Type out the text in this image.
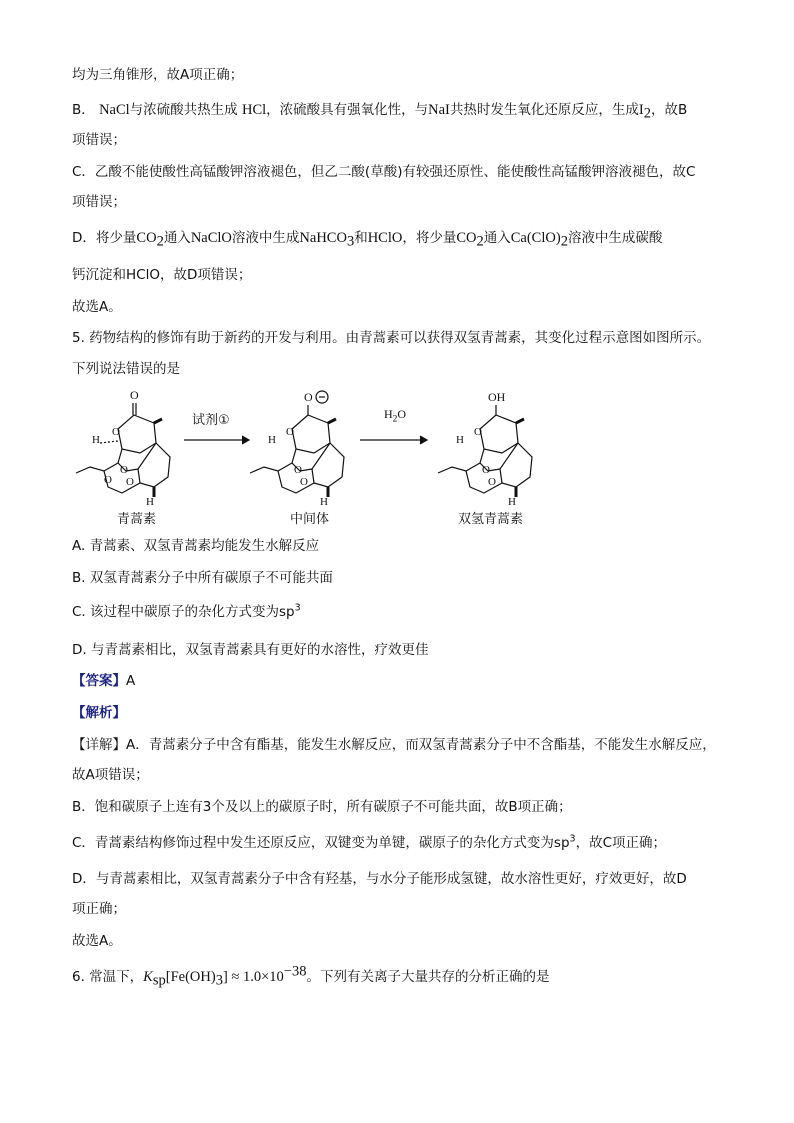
均为三角锥形，故A项正确；
B． NaCl与浓硫酸共热生成 HCl，浓硫酸具有强氧化性，与NaI共热时发生氧化还原反应，生成$I_2$，故B
项错误；
C．乙酸不能使酸性高锰酸钾溶液褪色，但乙二酸(草酸)有较强还原性、能使酸性高锰酸钾溶液褪色，故C
项错误；
D．将少量$CO_2$通入NaClO溶液中生成NaHCO$_3$和HClO，将少量$CO_2$通入$Ca(ClO)_2$溶液中生成碳酸
钙沉淀和HClO，故D项错误；
故选A。
5. 药物结构的修饰有助于新药的开发与利用。由青蒿素可以获得双氢青蒿素，其变化过程示意图如图所示。
下列说法错误的是
O
O
H
O
O O
H
O
O
H
O
O
H
OH
O
H
O
O
H
试剂①	$H_2O$
青蒿素	中间体	双氢青蒿素
A. 青蒿素、双氢青蒿素均能发生水解反应
B. 双氢青蒿素分子中所有碳原子不可能共面
C. 该过程中碳原子的杂化方式变为$sp^3$
D. 与青蒿素相比，双氢青蒿素具有更好的水溶性，疗效更佳
【答案】A
【解析】
【详解】A．青蒿素分子中含有酯基，能发生水解反应，而双氢青蒿素分子中不含酯基，不能发生水解反应，
故A项错误；
B．饱和碳原子上连有3个及以上的碳原子时，所有碳原子不可能共面，故B项正确；
C．青蒿素结构修饰过程中发生还原反应，双键变为单键，碳原子的杂化方式变为$sp^3$，故C项正确；
D．与青蒿素相比，双氢青蒿素分子中含有羟基，与水分子能形成氢键，故水溶性更好，疗效更好，故D
项正确；
故选A。
6. 常温下，$K_{sp}[Fe(OH)_3] \approx 1.0\times 10^{-38}$。下列有关离子大量共存的分析正确的是
